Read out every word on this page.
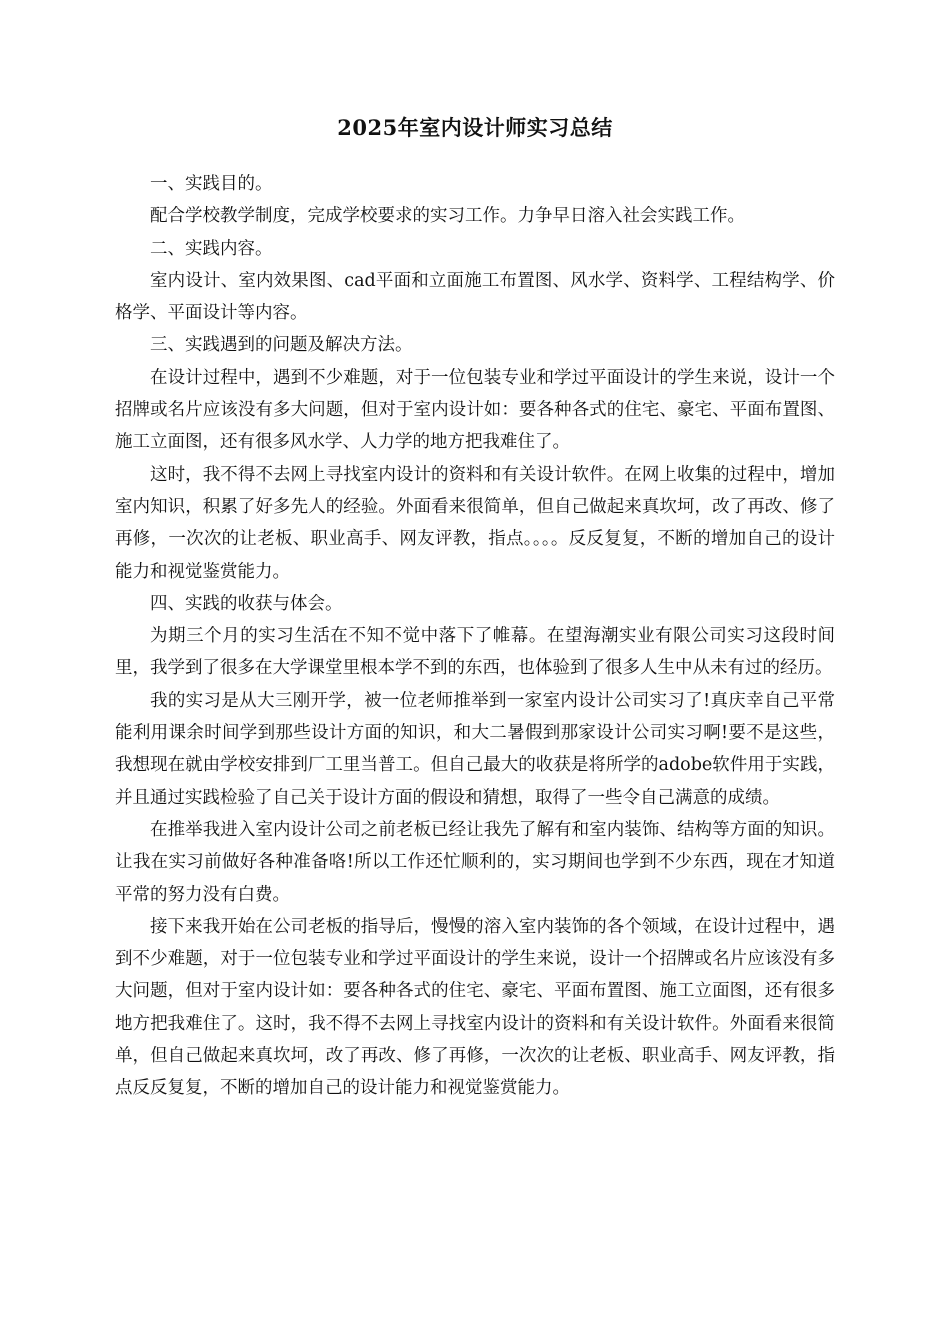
2025年室内设计师实习总结

一、实践目的。

配合学校教学制度，完成学校要求的实习工作。力争早日溶入社会实践工作。

二、实践内容。

室内设计、室内效果图、cad平面和立面施工布置图、风水学、资料学、工程结构学、价格学、平面设计等内容。

三、实践遇到的问题及解决方法。

在设计过程中，遇到不少难题，对于一位包装专业和学过平面设计的学生来说，设计一个招牌或名片应该没有多大问题，但对于室内设计如：要各种各式的住宅、豪宅、平面布置图、施工立面图，还有很多风水学、人力学的地方把我难住了。

这时，我不得不去网上寻找室内设计的资料和有关设计软件。在网上收集的过程中，增加室内知识，积累了好多先人的经验。外面看来很简单，但自己做起来真坎坷，改了再改、修了再修，一次次的让老板、职业高手、网友评教，指点。。。。反反复复，不断的增加自己的设计能力和视觉鉴赏能力。

四、实践的收获与体会。

为期三个月的实习生活在不知不觉中落下了帷幕。在望海潮实业有限公司实习这段时间里，我学到了很多在大学课堂里根本学不到的东西，也体验到了很多人生中从未有过的经历。

我的实习是从大三刚开学，被一位老师推举到一家室内设计公司实习了!真庆幸自己平常能利用课余时间学到那些设计方面的知识，和大二暑假到那家设计公司实习啊!要不是这些，我想现在就由学校安排到厂工里当普工。但自己最大的收获是将所学的adobe软件用于实践，并且通过实践检验了自己关于设计方面的假设和猜想，取得了一些令自己满意的成绩。

在推举我进入室内设计公司之前老板已经让我先了解有和室内装饰、结构等方面的知识。让我在实习前做好各种准备咯!所以工作还忙顺利的，实习期间也学到不少东西，现在才知道平常的努力没有白费。

接下来我开始在公司老板的指导后，慢慢的溶入室内装饰的各个领域，在设计过程中，遇到不少难题，对于一位包装专业和学过平面设计的学生来说，设计一个招牌或名片应该没有多大问题，但对于室内设计如：要各种各式的住宅、豪宅、平面布置图、施工立面图，还有很多地方把我难住了。这时，我不得不去网上寻找室内设计的资料和有关设计软件。外面看来很简单，但自己做起来真坎坷，改了再改、修了再修，一次次的让老板、职业高手、网友评教，指点反反复复，不断的增加自己的设计能力和视觉鉴赏能力。
